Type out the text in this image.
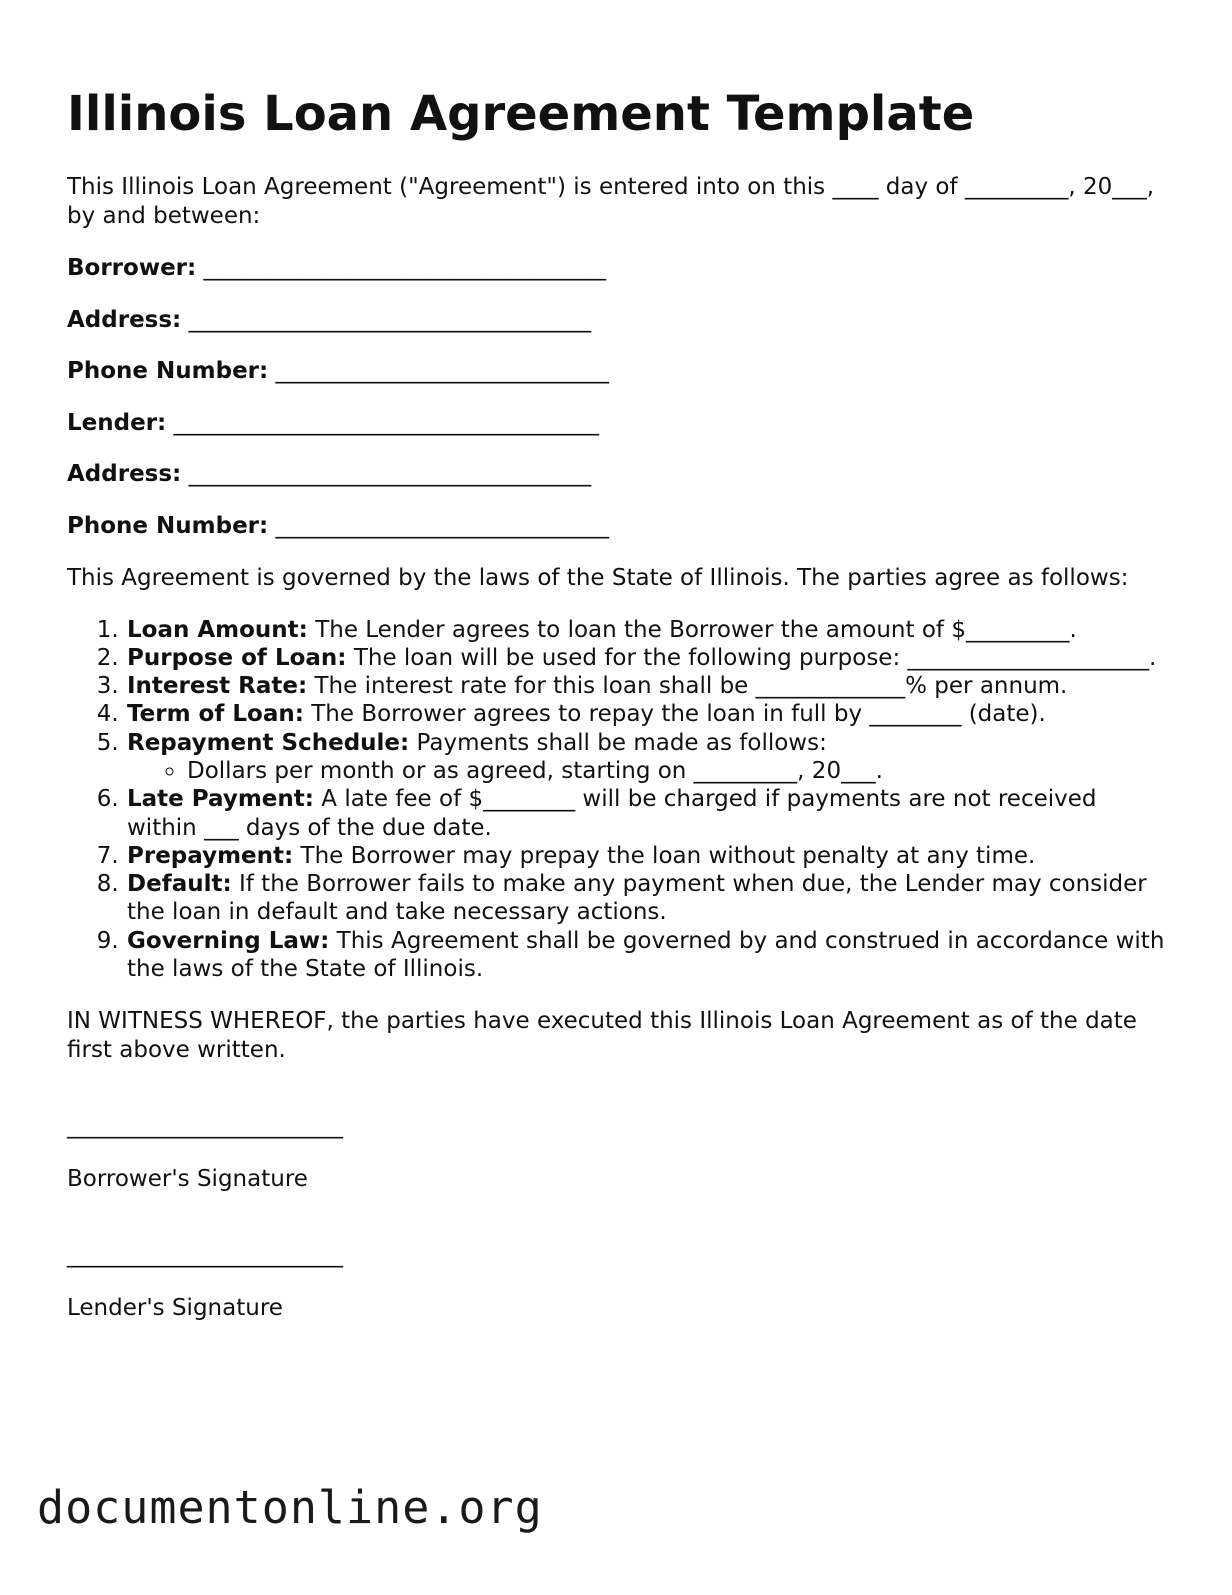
Illinois Loan Agreement Template

This Illinois Loan Agreement ("Agreement") is entered into on this ____ day of _________, 20___, by and between:

Borrower: ___________________________________

Address: ___________________________________

Phone Number: _____________________________

Lender: _____________________________________

Address: ___________________________________

Phone Number: _____________________________

This Agreement is governed by the laws of the State of Illinois. The parties agree as follows:

1. Loan Amount: The Lender agrees to loan the Borrower the amount of $_________.
2. Purpose of Loan: The loan will be used for the following purpose: _____________________.
3. Interest Rate: The interest rate for this loan shall be _____________% per annum.
4. Term of Loan: The Borrower agrees to repay the loan in full by ________ (date).
5. Repayment Schedule: Payments shall be made as follows:
◦ Dollars per month or as agreed, starting on _________, 20___.
6. Late Payment: A late fee of $________ will be charged if payments are not received within ___ days of the due date.
7. Prepayment: The Borrower may prepay the loan without penalty at any time.
8. Default: If the Borrower fails to make any payment when due, the Lender may consider the loan in default and take necessary actions.
9. Governing Law: This Agreement shall be governed by and construed in accordance with the laws of the State of Illinois.

IN WITNESS WHEREOF, the parties have executed this Illinois Loan Agreement as of the date first above written.

________________________

Borrower's Signature

________________________

Lender's Signature

documentonline.org
